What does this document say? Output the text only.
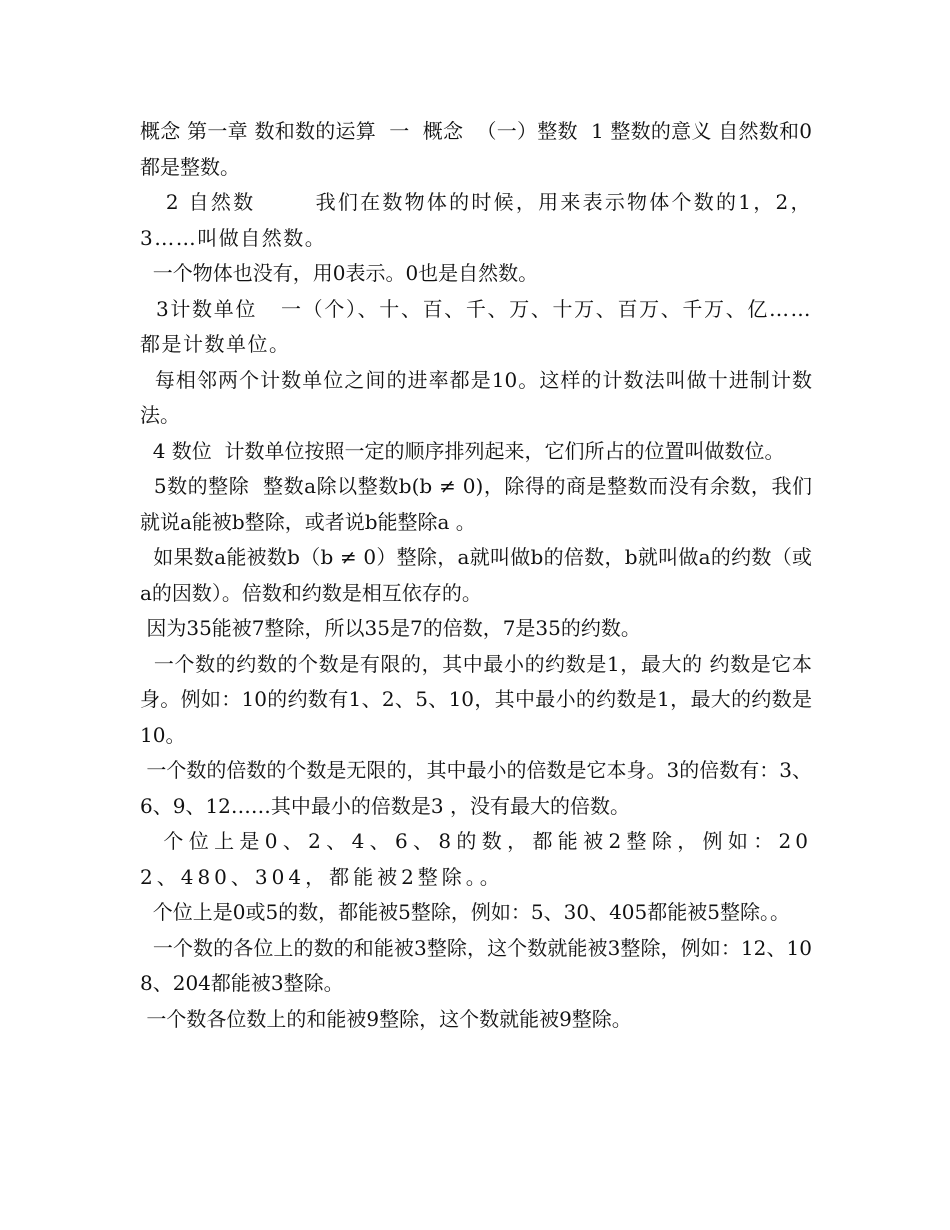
概念 第一章 数和数的运算  一  概念  （一）整数  1 整数的意义 自然数和0都是整数。

2 自然数       我们在数物体的时候，用来表示物体个数的1，2，3……叫做自然数。

一个物体也没有，用0表示。0也是自然数。

3计数单位   一（个）、十、百、千、万、十万、百万、千万、亿……都是计数单位。

每相邻两个计数单位之间的进率都是10。这样的计数法叫做十进制计数法。

4 数位  计数单位按照一定的顺序排列起来，它们所占的位置叫做数位。

5数的整除  整数a除以整数b(b ≠ 0)，除得的商是整数而没有余数，我们就说a能被b整除，或者说b能整除a 。

如果数a能被数b（b ≠ 0）整除，a就叫做b的倍数，b就叫做a的约数（或a的因数）。倍数和约数是相互依存的。

因为35能被7整除，所以35是7的倍数，7是35的约数。

一个数的约数的个数是有限的，其中最小的约数是1，最大的 约数是它本身。例如：10的约数有1、2、5、10，其中最小的约数是1，最大的约数是10。

一个数的倍数的个数是无限的，其中最小的倍数是它本身。3的倍数有：3、6、9、12……其中最小的倍数是3 ，没有最大的倍数。

个位上是0、2、4、6、8的数，都能被2整除，例如：202、480、304，都能被2整除。。

个位上是0或5的数，都能被5整除，例如：5、30、405都能被5整除。。

一个数的各位上的数的和能被3整除，这个数就能被3整除，例如：12、108、204都能被3整除。

一个数各位数上的和能被9整除，这个数就能被9整除。
